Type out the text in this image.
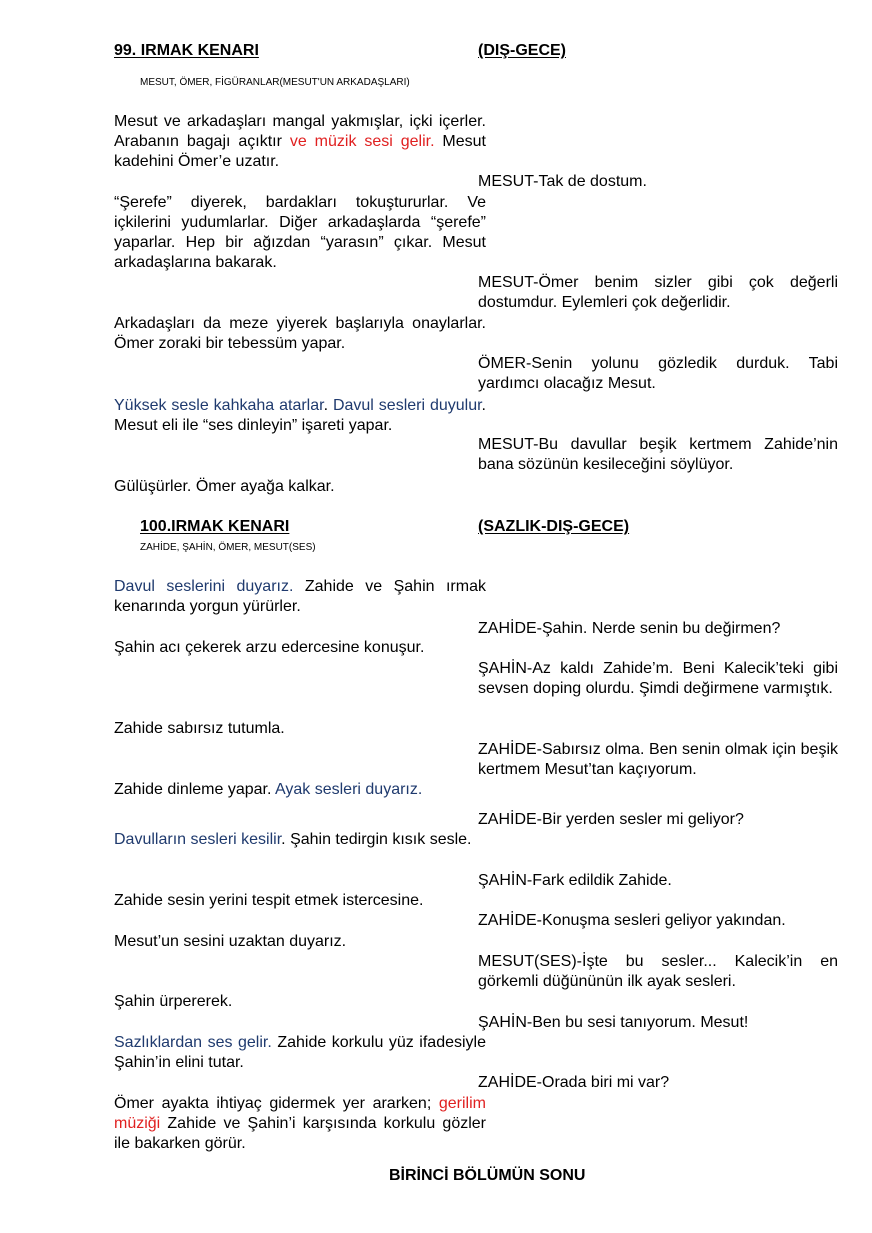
99. IRMAK KENARI	(DIŞ-GECE)
MESUT, ÖMER, FİGÜRANLAR(MESUT'UN ARKADAŞLARI)
Mesut ve arkadaşları mangal yakmışlar, içki içerler. Arabanın bagajı açıktır ve müzik sesi gelir. Mesut kadehini Ömer’e uzatır.
MESUT-Tak de dostum.
“Şerefe” diyerek, bardakları tokuştururlar. Ve içkilerini yudumlarlar. Diğer arkadaşlarda “şerefe” yaparlar. Hep bir ağızdan “yarasın” çıkar. Mesut arkadaşlarına bakarak.
MESUT-Ömer benim sizler gibi çok değerli dostumdur. Eylemleri çok değerlidir.
Arkadaşları da meze yiyerek başlarıyla onaylarlar. Ömer zoraki bir tebessüm yapar.
ÖMER-Senin yolunu gözledik durduk. Tabi yardımcı olacağız Mesut.
Yüksek sesle kahkaha atarlar. Davul sesleri duyulur. Mesut eli ile “ses dinleyin” işareti yapar.
MESUT-Bu davullar beşik kertmem Zahide’nin bana sözünün kesileceğini söylüyor.
Gülüşürler. Ömer ayağa kalkar.
100.IRMAK KENARI	(SAZLIK-DIŞ-GECE)
ZAHİDE, ŞAHİN, ÖMER, MESUT(SES)
Davul seslerini duyarız. Zahide ve Şahin ırmak kenarında yorgun yürürler.
ZAHİDE-Şahin. Nerde senin bu değirmen?
Şahin acı çekerek arzu edercesine konuşur.
ŞAHİN-Az kaldı Zahide’m. Beni Kalecik’teki gibi sevsen doping olurdu. Şimdi değirmene varmıştık.
Zahide sabırsız tutumla.
ZAHİDE-Sabırsız olma. Ben senin olmak için beşik kertmem Mesut’tan kaçıyorum.
Zahide dinleme yapar. Ayak sesleri duyarız.
ZAHİDE-Bir yerden sesler mi geliyor?
Davulların sesleri kesilir. Şahin tedirgin kısık sesle.
ŞAHİN-Fark edildik Zahide.
Zahide sesin yerini tespit etmek istercesine.
ZAHİDE-Konuşma sesleri geliyor yakından.
Mesut’un sesini uzaktan duyarız.
MESUT(SES)-İşte bu sesler... Kalecik’in en görkemli düğününün ilk ayak sesleri.
Şahin ürpererek.
ŞAHİN-Ben bu sesi tanıyorum. Mesut!
Sazlıklardan ses gelir. Zahide korkulu yüz ifadesiyle Şahin’in elini tutar.
ZAHİDE-Orada biri mi var?
Ömer ayakta ihtiyaç gidermek yer ararken; gerilim müziği Zahide ve Şahin’i karşısında korkulu gözler ile bakarken görür.
BİRİNCİ BÖLÜMÜN SONU
